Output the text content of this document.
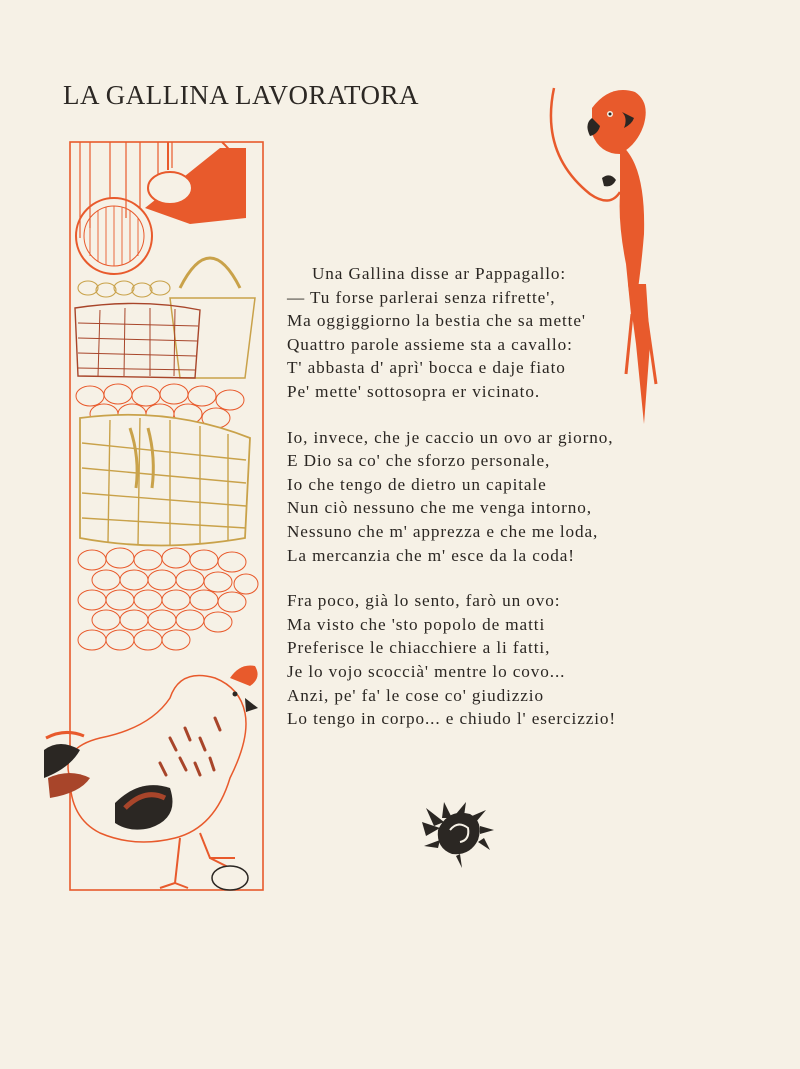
LA GALLINA LAVORATORA
Una Gallina disse ar Pappagallo:
— Tu forse parlerai senza rifrette',
Ma oggiggiorno la bestia che sa mette'
Quattro parole assieme sta a cavallo:
T' abbasta d' aprì' bocca e daje fiato
Pe' mette' sottosopra er vicinato.
Io, invece, che je caccio un ovo ar giorno,
E Dio sa co' che sforzo personale,
Io che tengo de dietro un capitale
Nun ciò nessuno che me venga intorno,
Nessuno che m' apprezza e che me loda,
La mercanzia che m' esce da la coda!
Fra poco, già lo sento, farò un ovo:
Ma visto che 'sto popolo de matti
Preferisce le chiacchiere a li fatti,
Je lo vojo scoccià' mentre lo covo...
Anzi, pe' fa' le cose co' giudizzio
Lo tengo in corpo... e chiudo l' esercizzio!
